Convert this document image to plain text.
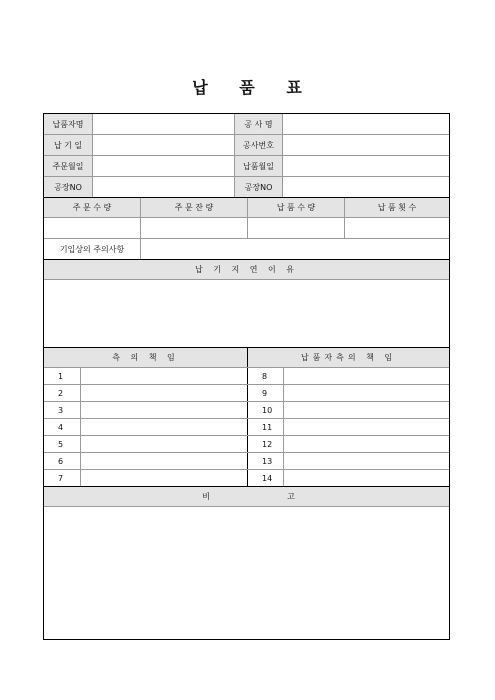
납 품 표
납품자명	공 사 명
납 기 일	공사번호
주문월일	납품월일
공장NO	공장NO
주 문 수 량	주 문 잔 량	납 품 수 량	납 품 횟 수
기입상의 주의사항
납 기 지 연 이 유
측 의 책 임	납품자측의 책 임
1	8
2	9
3	10
4	11
5	12
6	13
7	14
비	고
